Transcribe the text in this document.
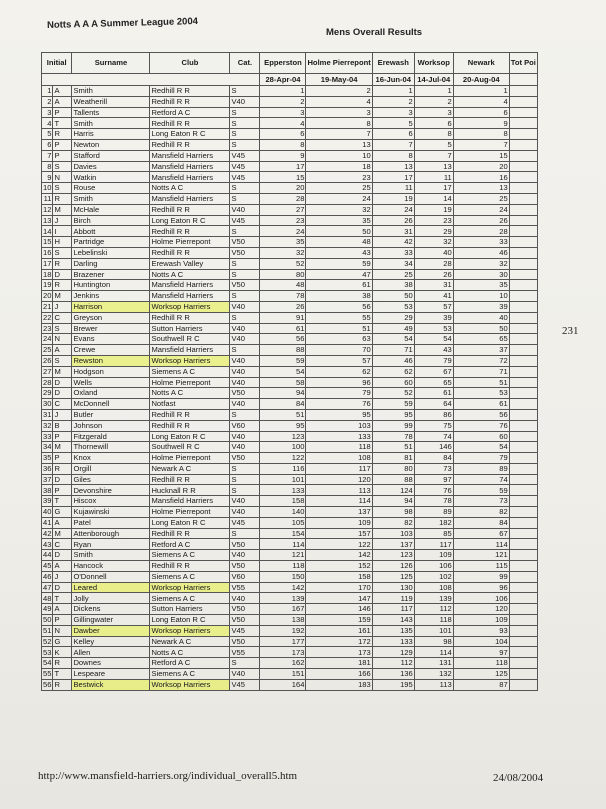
Notts A A A Summer League 2004
Mens Overall Results
Initial		Surname	Club	Cat.	Epperston	Holme Pierrepont	Erewash	Worksop	Newark	Tot Poi
					28-Apr-04	19-May-04	16-Jun-04	14-Jul-04	20-Aug-04	
1	A	Smith	Redhill R R	S	1	2	1	1	1	
2	A	Weatherill	Redhill R R	V40	2	4	2	2	4	
3	P	Tallents	Retford A C	S	3	3	3	3	6	
4	T	Smith	Redhill R R	S	4	8	5	6	9	
5	R	Harris	Long Eaton R C	S	6	7	6	8	8	
6	P	Newton	Redhill R R	S	8	13	7	5	7	
7	P	Stafford	Mansfield Harriers	V45	9	10	8	7	15	
8	S	Davies	Mansfield Harriers	V45	17	18	13	13	20	
9	N	Watkin	Mansfield Harriers	V45	15	23	17	11	16	
10	S	Rouse	Notts A C	S	20	25	11	17	13	
11	R	Smith	Mansfield Harriers	S	28	24	19	14	25	
12	M	McHale	Redhill R R	V40	27	32	24	19	24	
13	J	Birch	Long Eaton R C	V45	23	35	26	23	26	
14	I	Abbott	Redhill R R	S	24	50	31	29	28	
15	H	Partridge	Holme Pierrepont	V50	35	48	42	32	33	
16	S	Lebelinski	Redhill R R	V50	32	43	33	40	46	
17	R	Darling	Erewash Valley	S	52	59	34	28	32	
18	D	Brazener	Notts A C	S	80	47	25	26	30	
19	R	Huntington	Mansfield Harriers	V50	48	61	38	31	35	
20	M	Jenkins	Mansfield Harriers	S	78	38	50	41	10	
21	J	Harrison	Worksop Harriers	V40	26	56	53	57	39	
22	C	Greyson	Redhill R R	S	91	55	29	39	40	
23	S	Brewer	Sutton Harriers	V40	61	51	49	53	50	
24	N	Evans	Southwell R C	V40	56	63	54	54	65	
25	A	Crewe	Mansfield Harriers	S	88	70	71	43	37	
26	S	Rewston	Worksop Harriers	V40	59	57	46	79	72	
27	M	Hodgson	Siemens A C	V40	54	62	62	67	71	
28	D	Wells	Holme Pierrepont	V40	58	96	60	65	51	
29	D	Oxland	Notts A C	V50	94	79	52	61	53	
30	C	McDonnell	Notfast	V40	84	76	59	64	61	
31	J	Butler	Redhill R R	S	51	95	95	86	56	
32	B	Johnson	Redhill R R	V60	95	103	99	75	76	
33	P	Fitzgerald	Long Eaton R C	V40	123	133	78	74	60	
34	M	Thornewill	Southwell R C	V40	100	118	51	146	54	
35	P	Knox	Holme Pierrepont	V50	122	108	81	84	79	
36	R	Orgill	Newark A C	S	116	117	80	73	89	
37	D	Giles	Redhill R R	S	101	120	88	97	74	
38	P	Devonshire	Hucknall R R	S	133	113	124	76	59	
39	T	Hiscox	Mansfield Harriers	V40	158	114	94	78	73	
40	G	Kujawinski	Holme Pierrepont	V40	140	137	98	89	82	
41	A	Patel	Long Eaton R C	V45	105	109	82	182	84	
42	M	Attenborough	Redhill R R	S	154	157	103	85	67	
43	C	Ryan	Retford A C	V50	114	122	137	117	114	
44	D	Smith	Siemens A C	V40	121	142	123	109	121	
45	A	Hancock	Redhill R R	V50	118	152	126	106	115	
46	J	O'Donnell	Siemens A C	V60	150	158	125	102	99	
47	D	Leared	Worksop Harriers	V55	142	170	130	108	96	
48	T	Jolly	Siemens A C	V40	139	147	119	139	106	
49	A	Dickens	Sutton Harriers	V50	167	146	117	112	120	
50	P	Gillingwater	Long Eaton R C	V50	138	159	143	118	109	
51	N	Dawber	Worksop Harriers	V45	192	161	135	101	93	
52	G	Kelley	Newark A C	V50	177	172	133	98	104	
53	K	Allen	Notts A C	V55	173	173	129	114	97	
54	R	Downes	Retford A C	S	162	181	112	131	118	
55	T	Lespeare	Siemens A C	V40	151	166	136	132	125	
56	R	Bestwick	Worksop Harriers	V45	164	183	195	113	87	
231
http://www.mansfield-harriers.org/individual_overall5.htm	24/08/2004
